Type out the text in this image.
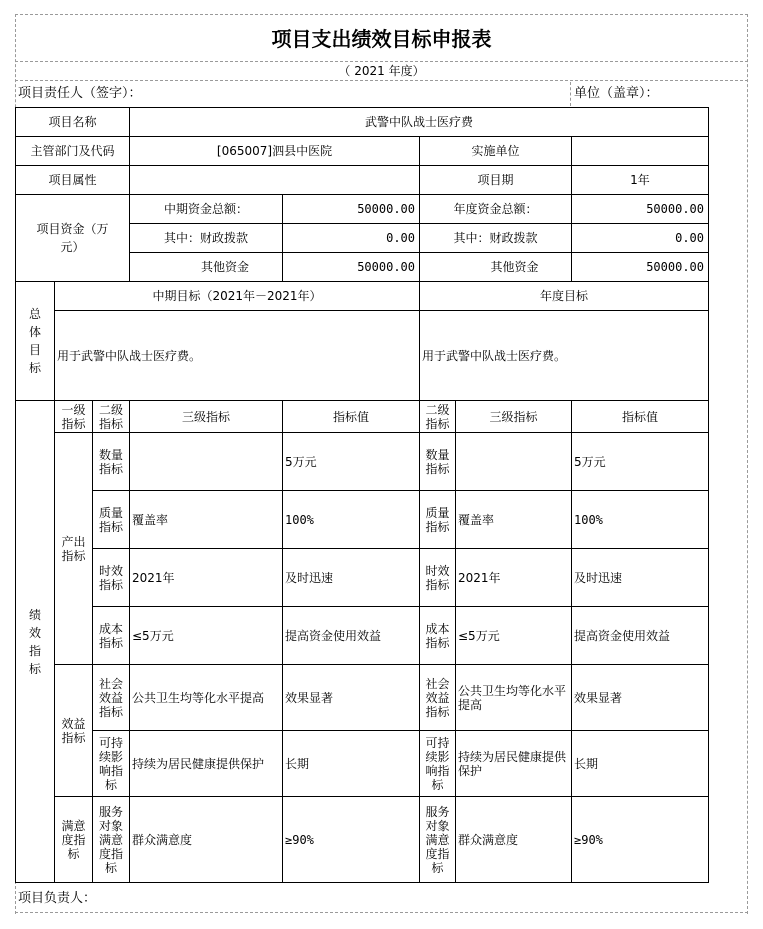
项目支出绩效目标申报表
（ 2021 年度）
项目责任人（签字）：	单位（盖章）：
项目名称			武警中队战士医疗费				
主管部门及代码			[065007]泗县中医院		实施单位		
项目属性					项目期		1年
项目资金（万元）			中期资金总额：	50000.00	年度资金总额：		50000.00
			其中：财政拨款	0.00	其中：财政拨款		0.00
			其他资金	50000.00	其他资金		50000.00
总体目标	中期目标（2021年－2021年）				年度目标		
	用于武警中队战士医疗费。				用于武警中队战士医疗费。		
绩效指标	一级指标	二级指标	三级指标	指标值	二级指标	三级指标	指标值
	产出指标	数量指标		5万元	数量指标		5万元
		质量指标	覆盖率	100%	质量指标	覆盖率	100%
		时效指标	2021年	及时迅速	时效指标	2021年	及时迅速
		成本指标	≤5万元	提高资金使用效益	成本指标	≤5万元	提高资金使用效益
	效益指标	社会效益指标	公共卫生均等化水平提高	效果显著	社会效益指标	公共卫生均等化水平提高	效果显著
		可持续影响指标	持续为居民健康提供保护	长期	可持续影响指标	持续为居民健康提供保护	长期
	满意度指标	服务对象满意度指标	群众满意度	≥90%	服务对象满意度指标	群众满意度	≥90%
项目负责人：
